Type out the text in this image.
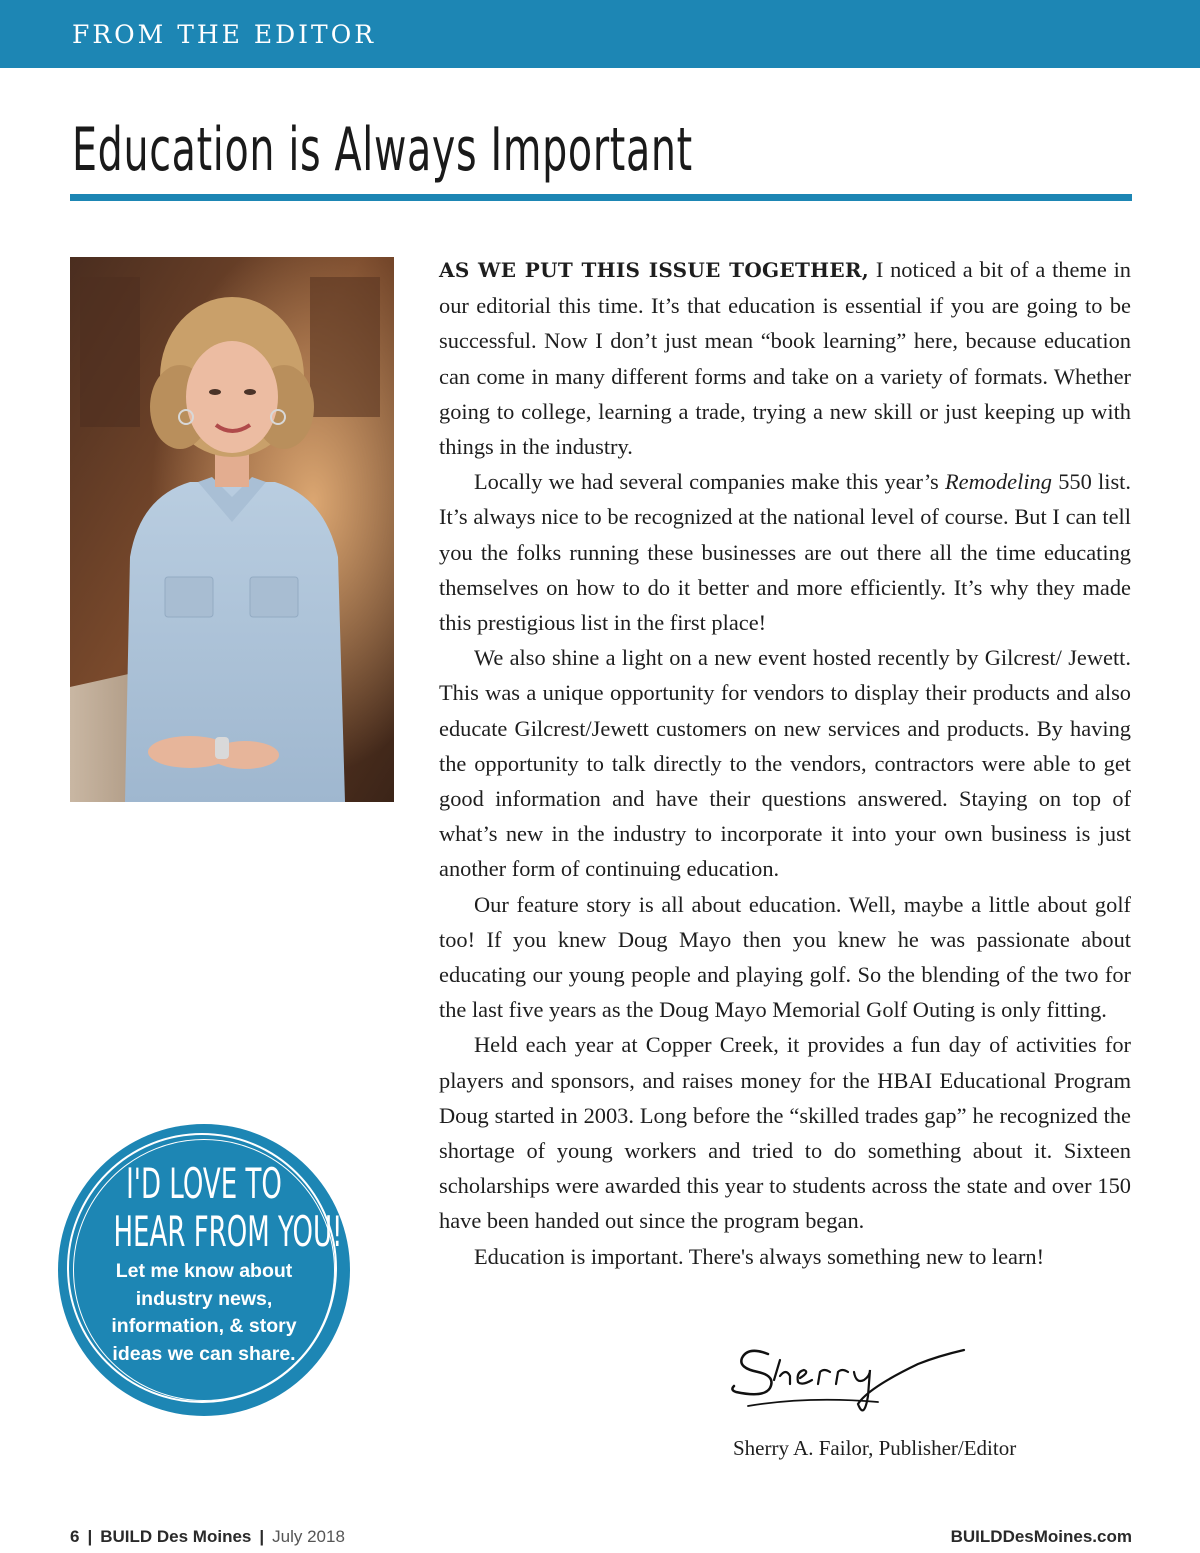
FROM THE EDITOR
Education is Always Important

AS WE PUT THIS ISSUE TOGETHER, I noticed a bit of a theme in our editorial this time. It’s that education is essential if you are going to be successful. Now I don’t just mean “book learning” here, because education can come in many different forms and take on a variety of formats. Whether going to college, learning a trade, trying a new skill or just keeping up with things in the industry.

Locally we had several companies make this year’s Remodeling 550 list. It’s always nice to be recognized at the national level of course. But I can tell you the folks running these businesses are out there all the time educating themselves on how to do it better and more efficiently. It’s why they made this prestigious list in the first place!

We also shine a light on a new event hosted recently by Gilcrest/ Jewett. This was a unique opportunity for vendors to display their products and also educate Gilcrest/Jewett customers on new services and products. By having the opportunity to talk directly to the vendors, contractors were able to get good information and have their questions answered. Staying on top of what’s new in the industry to incorporate it into your own business is just another form of continuing education.

Our feature story is all about education. Well, maybe a little about golf too! If you knew Doug Mayo then you knew he was passionate about educating our young people and playing golf. So the blending of the two for the last five years as the Doug Mayo Memorial Golf Outing is only fitting.

Held each year at Copper Creek, it provides a fun day of activities for players and sponsors, and raises money for the HBAI Educational Program Doug started in 2003. Long before the “skilled trades gap” he recognized the shortage of young workers and tried to do something about it. Sixteen scholarships were awarded this year to students across the state and over 150 have been handed out since the program began.

Education is important. There's always something new to learn!

I'D LOVE TO
HEAR FROM YOU!
Let me know about industry news, information, & story ideas we can share.
Sherry A. Failor, Publisher/Editor
6 | BUILD Des Moines | July 2018	BUILDDesMoines.com
